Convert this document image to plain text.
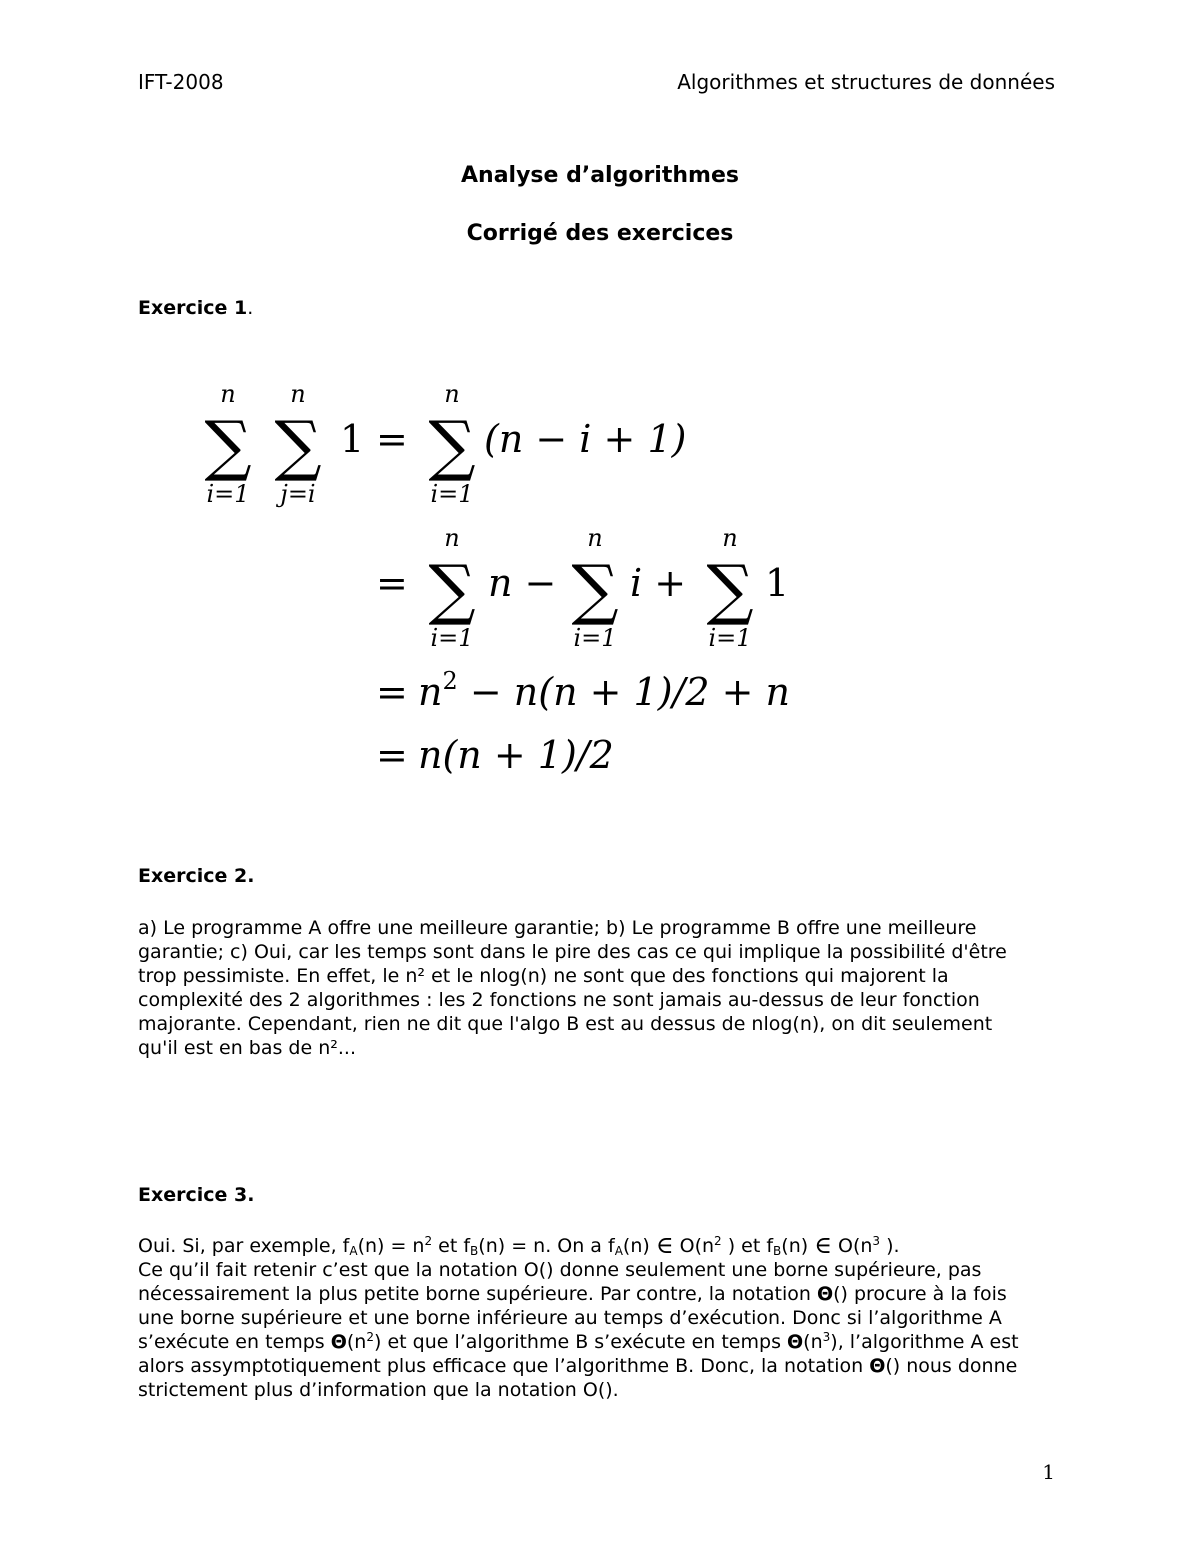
IFT-2008	Algorithmes et structures de données
Analyse d’algorithmes
Corrigé des exercices
Exercice 1.
n
∑
i=1
n
∑
j=i
1 =
n
∑
i=1
(n − i + 1)
=
n
∑
i=1
n −
n
∑
i=1
i +
n
∑
i=1
1
= $n^2 - n(n + 1)/2 + n$
= n(n + 1)/2
Exercice 2.
a) Le programme A offre une meilleure garantie; b) Le programme B offre une meilleure
garantie; c) Oui, car les temps sont dans le pire des cas ce qui implique la possibilité d'être
trop pessimiste. En effet, le n² et le nlog(n) ne sont que des fonctions qui majorent la
complexité des 2 algorithmes : les 2 fonctions ne sont jamais au-dessus de leur fonction
majorante. Cependant, rien ne dit que l'algo B est au dessus de nlog(n), on dit seulement
qu'il est en bas de n²...
Exercice 3.
Oui. Si, par exemple, $f_A(n) = n^2$ et $f_B(n) = n$. On a $f_A(n)$ ∈ $O(n^2$ ) et $f_B(n)$ ∈ $O(n^3$ ).
Ce qu’il fait retenir c’est que la notation O() donne seulement une borne supérieure, pas
nécessairement la plus petite borne supérieure. Par contre, la notation Θ() procure à la fois
une borne supérieure et une borne inférieure au temps d’exécution. Donc si l’algorithme A
s’exécute en temps $\Theta(n^2)$ et que l’algorithme B s’exécute en temps $\Theta(n^3)$, l’algorithme A est
alors assymptotiquement plus efficace que l’algorithme B. Donc, la notation Θ() nous donne
strictement plus d’information que la notation O().
1
